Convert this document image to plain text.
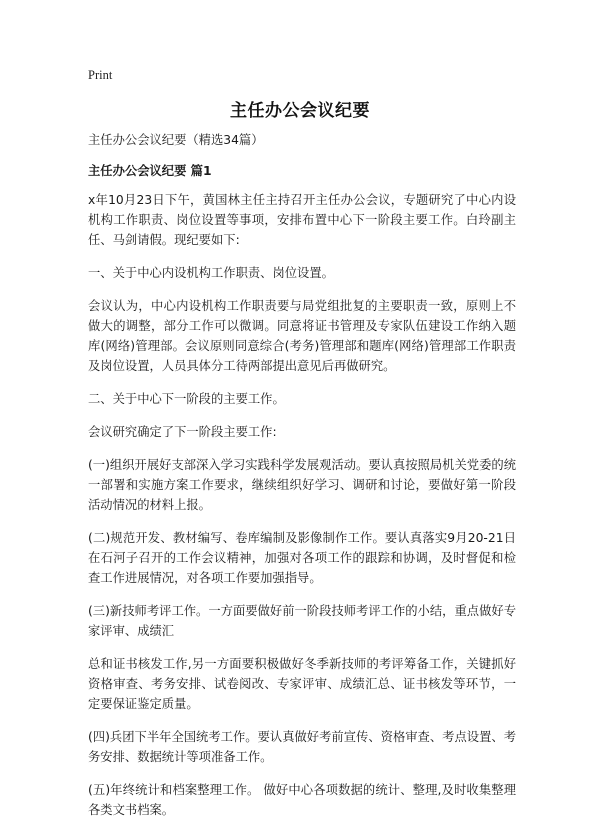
Print
主任办公会议纪要

主任办公会议纪要（精选34篇）

主任办公会议纪要 篇1

x年10月23日下午，黄国林主任主持召开主任办公会议，专题研究了中心内设机构工作职责、岗位设置等事项，安排布置中心下一阶段主要工作。白玲副主任、马剑请假。现纪要如下:

一、关于中心内设机构工作职责、岗位设置。

会议认为，中心内设机构工作职责要与局党组批复的主要职责一致，原则上不做大的调整，部分工作可以微调。同意将证书管理及专家队伍建设工作纳入题库(网络)管理部。会议原则同意综合(考务)管理部和题库(网络)管理部工作职责及岗位设置，人员具体分工待两部提出意见后再做研究。

二、关于中心下一阶段的主要工作。

会议研究确定了下一阶段主要工作:

(一)组织开展好支部深入学习实践科学发展观活动。要认真按照局机关党委的统一部署和实施方案工作要求，继续组织好学习、调研和讨论，要做好第一阶段活动情况的材料上报。

(二)规范开发、教材编写、卷库编制及影像制作工作。要认真落实9月20-21日在石河子召开的工作会议精神，加强对各项工作的跟踪和协调，及时督促和检查工作进展情况，对各项工作要加强指导。

(三)新技师考评工作。一方面要做好前一阶段技师考评工作的小结，重点做好专家评审、成绩汇

总和证书核发工作,另一方面要积极做好冬季新技师的考评筹备工作，关键抓好资格审查、考务安排、试卷阅改、专家评审、成绩汇总、证书核发等环节，一定要保证鉴定质量。

(四)兵团下半年全国统考工作。要认真做好考前宣传、资格审查、考点设置、考务安排、数据统计等项准备工作。

(五)年终统计和档案整理工作。 做好中心各项数据的统计、整理,及时收集整理各类文书档案。
